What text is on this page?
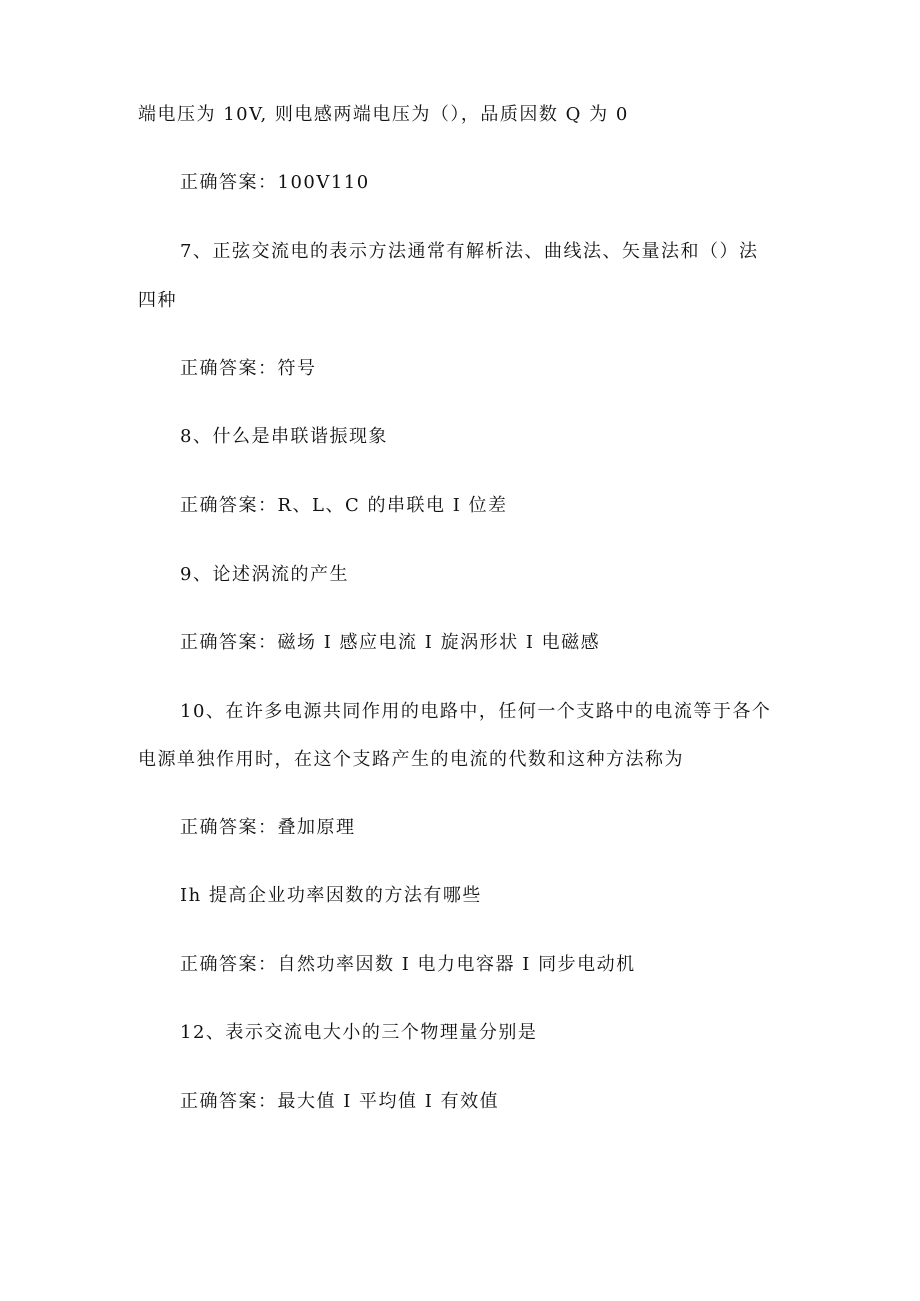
端电压为 10V, 则电感两端电压为（），品质因数 Q 为 0
正确答案：100V110
7、正弦交流电的表示方法通常有解析法、曲线法、矢量法和（）法
四种
正确答案：符号
8、什么是串联谐振现象
正确答案：R、L、C 的串联电 I 位差
9、论述涡流的产生
正确答案：磁场 I 感应电流 I 旋涡形状 I 电磁感
10、在许多电源共同作用的电路中，任何一个支路中的电流等于各个
电源单独作用时，在这个支路产生的电流的代数和这种方法称为
正确答案：叠加原理
Ih 提高企业功率因数的方法有哪些
正确答案：自然功率因数 I 电力电容器 I 同步电动机
12、表示交流电大小的三个物理量分别是
正确答案：最大值 I 平均值 I 有效值
